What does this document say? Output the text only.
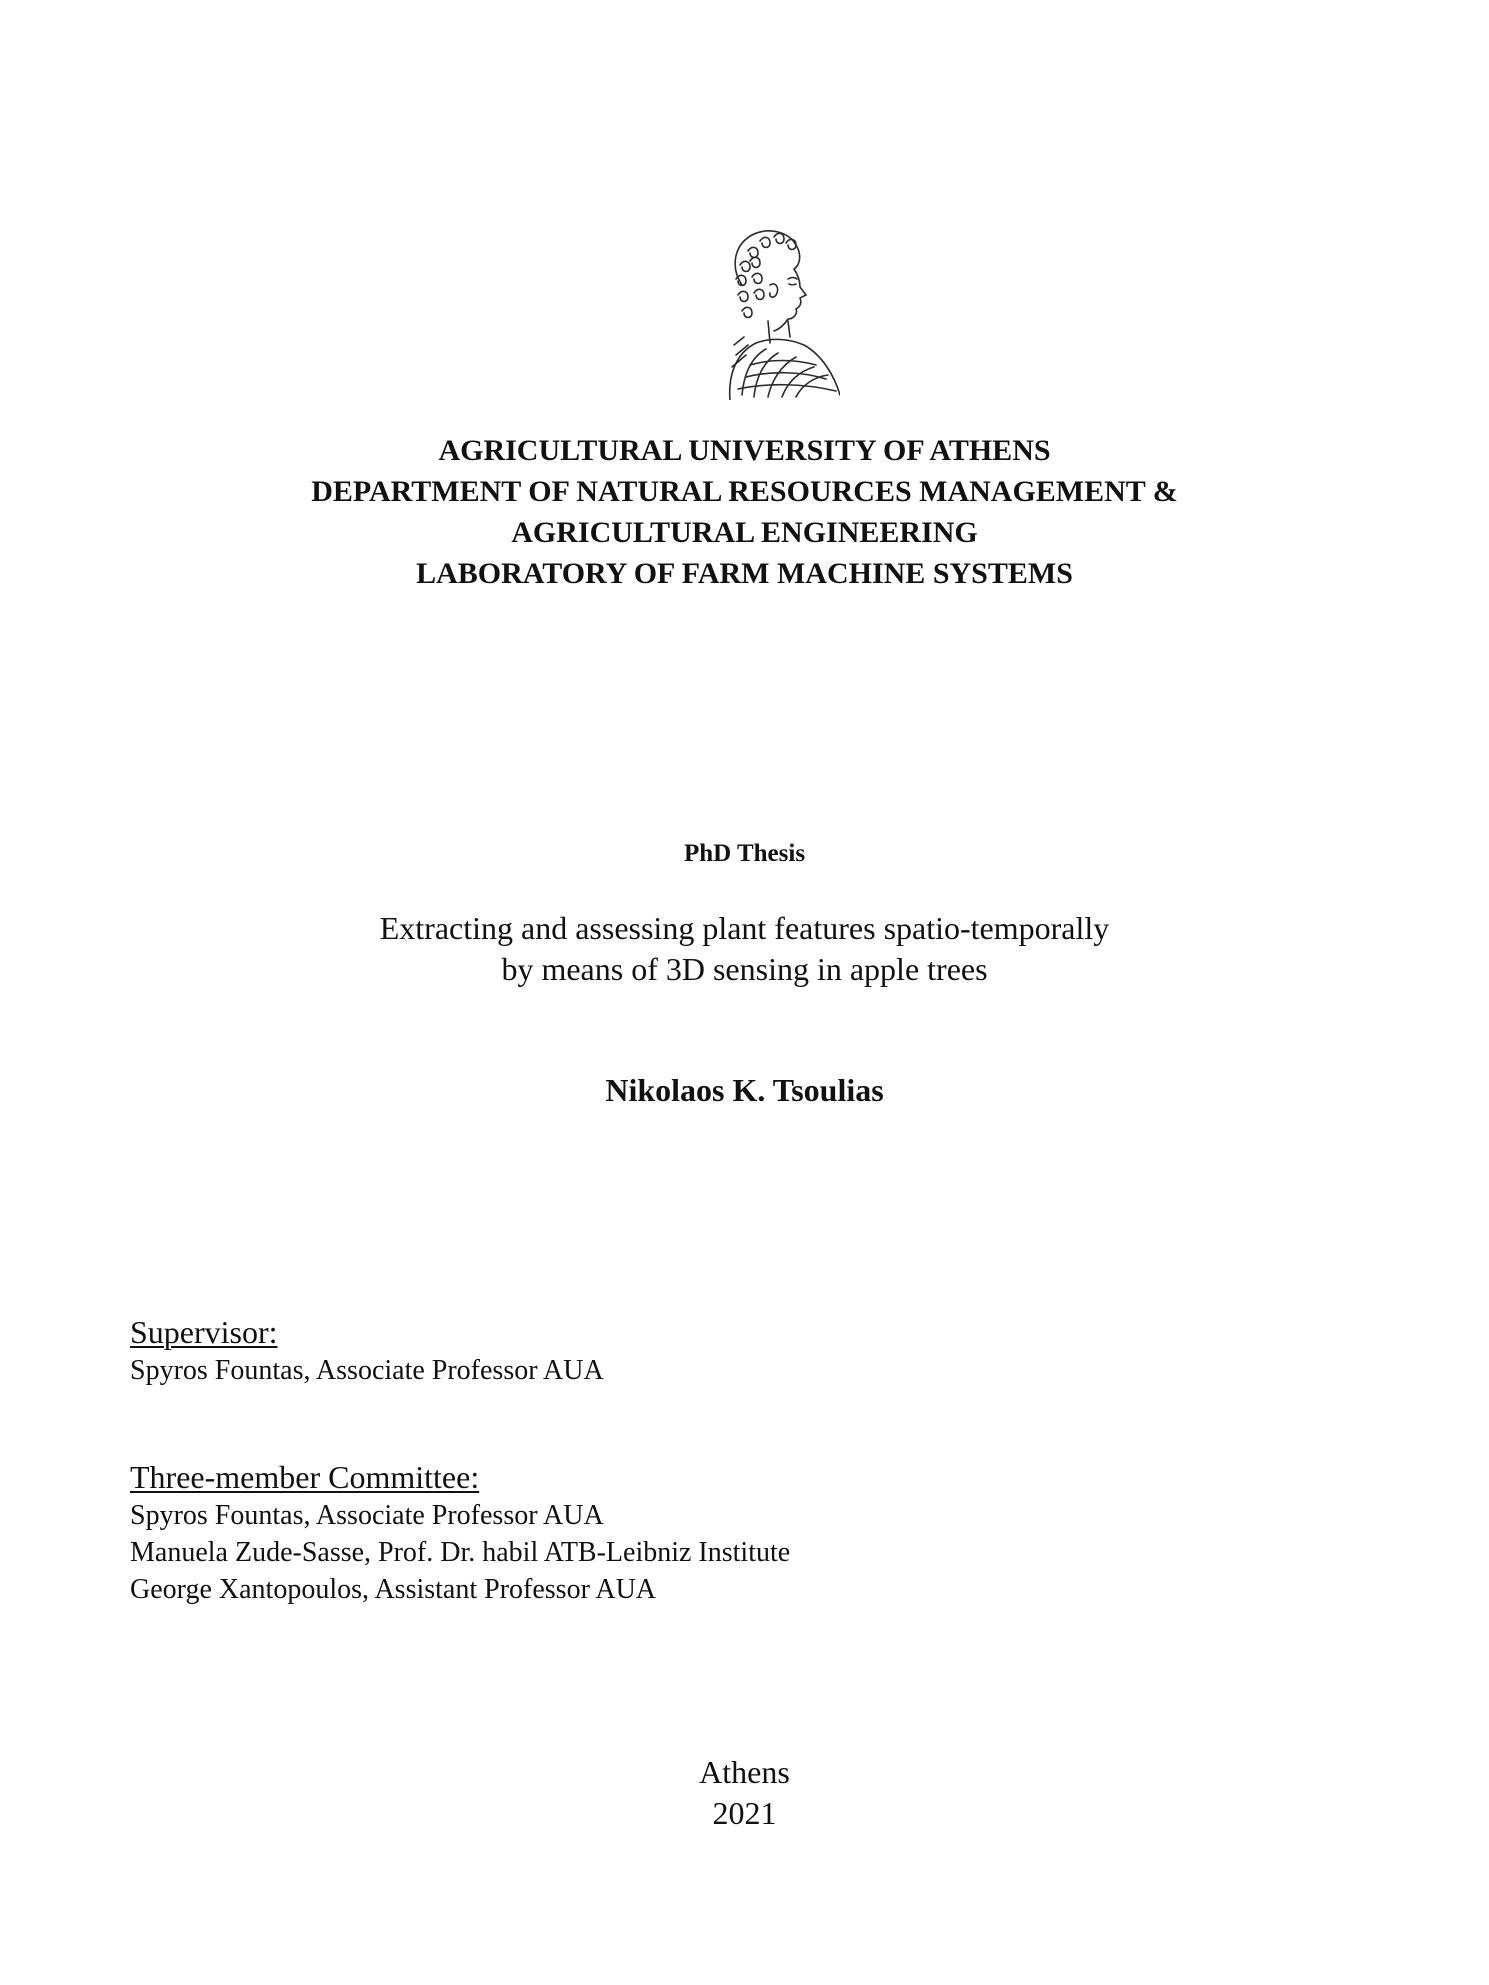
AGRICULTURAL UNIVERSITY OF ATHENS
DEPARTMENT OF NATURAL RESOURCES MANAGEMENT &
AGRICULTURAL ENGINEERING
LABORATORY OF FARM MACHINE SYSTEMS
PhD Thesis
Extracting and assessing plant features spatio-temporally
by means of 3D sensing in apple trees
Nikolaos K. Tsoulias
Supervisor:
Spyros Fountas, Associate Professor AUA
Three-member Committee:
Spyros Fountas, Associate Professor AUA
Manuela Zude-Sasse, Prof. Dr. habil ATB-Leibniz Institute
George Xantopoulos, Assistant Professor AUA
Athens
2021
